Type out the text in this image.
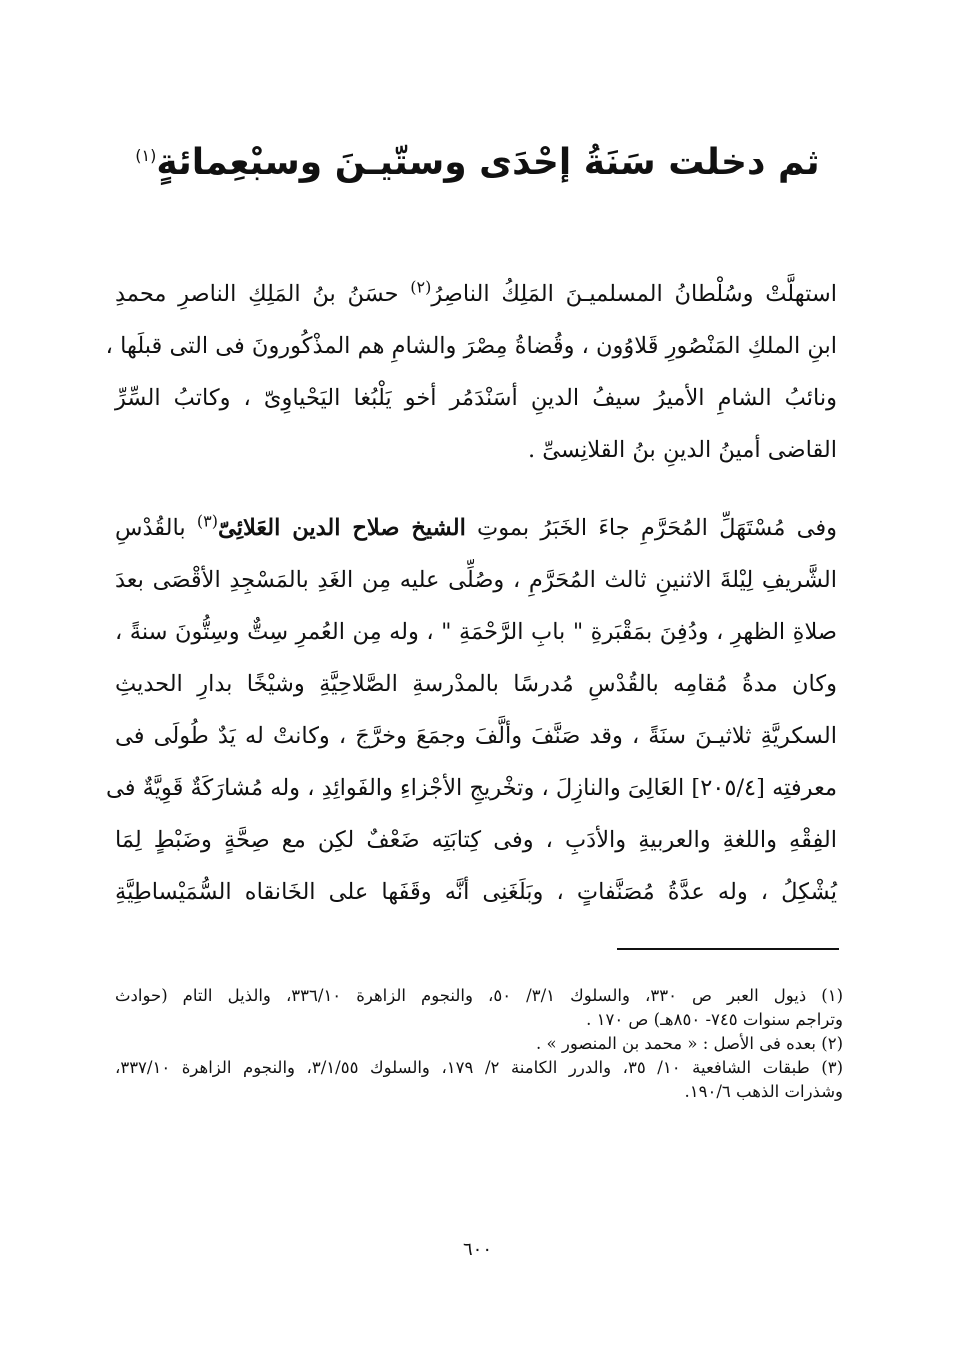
ثم دخلت سَنَةُ إحْدَى وستّيـنَ وسبْعِمائةٍ$^{(١)}$
استهلَّتْ وسُلْطانُ المسلميـنَ المَلِكُ الناصِرُ$^{(٢)}$ حسَنُ بنُ المَلِكِ الناصرِ محمدِ
ابنِ الملكِ المَنْصُورِ قَلاوُون ، وقُضاةُ مِصْرَ والشامِ هم المذْكُورونَ فى التى قبلَها ،
ونائبُ الشامِ الأميرُ سيفُ الدينِ أسَنْدَمُر أخو يَلْبُغا اليَحْياوِىّ ، وكاتبُ السِّرِّ
القاضى أمينُ الدينِ بنُ القلانِسىِّ .
وفى مُسْتَهَلِّ المُحَرَّمِ جاءَ الخَبَرُ بموتِ الشيخ صلاح الدين العَلائِىّ$^{(٣)}$ بالقُدْسِ
الشَّريفِ لِيْلةَ الاثنينِ ثالث المُحَرَّمِ ، وصُلِّى عليه مِن الغَدِ بالمَسْجِدِ الأقْصَى بعدَ
صلاةِ الظهرِ ، ودُفِنَ بمَقْبَرةِ " بابِ الرَّحْمَةِ " ، وله مِن العُمرِ سِتٌّ وسِتُّونَ سنةً ،
وكان مدةُ مُقامِه بالقُدْسِ مُدرسًا بالمدْرسةِ الصَّلاحِيَّةِ وشيْخًا بدارِ الحديثِ
السكريَّةِ ثلاثيـنَ سنَةً ، وقد صَنَّفَ وألَّفَ وجمَعَ وخرَّجَ ، وكانتْ له يَدٌ طُولَى فى
معرفتِه [٢٠٥/٤] العَالِىَ والنازِلَ ، وتخْريجِ الأجْزاءِ والفَوائِدِ ، وله مُشارَكَةٌ قَوِيَّةٌ فى
الفِقْهِ واللغةِ والعربيةِ والأدَبِ ، وفى كِتابَتِه ضَعْفٌ لكِن مع صِحَّةٍ وضَبْطٍ لِمَا
يُشْكِلُ ، وله عدَّةُ مُصَنَّفاتٍ ، وبَلَغَنِى أنَّه وقَفَها على الخَانقاه السُّمَيْساطِيَّةِ
(١) ذيول العبر ص ٣٣٠، والسلوك ٣/١/ ٥٠، والنجوم الزاهرة ٣٣٦/١٠، والذيل التام (حوادث
وتراجم سنوات ٧٤٥- ٨٥٠هـ) ص ١٧٠ .
(٢) بعده فى الأصل : « محمد بن المنصور » .
(٣) طبقات الشافعية ١٠/ ٣٥، والدرر الكامنة ٢/ ١٧٩، والسلوك ٣/١/٥٥، والنجوم الزاهرة ٣٣٧/١٠،
وشذرات الذهب ١٩٠/٦.
٦٠٠
